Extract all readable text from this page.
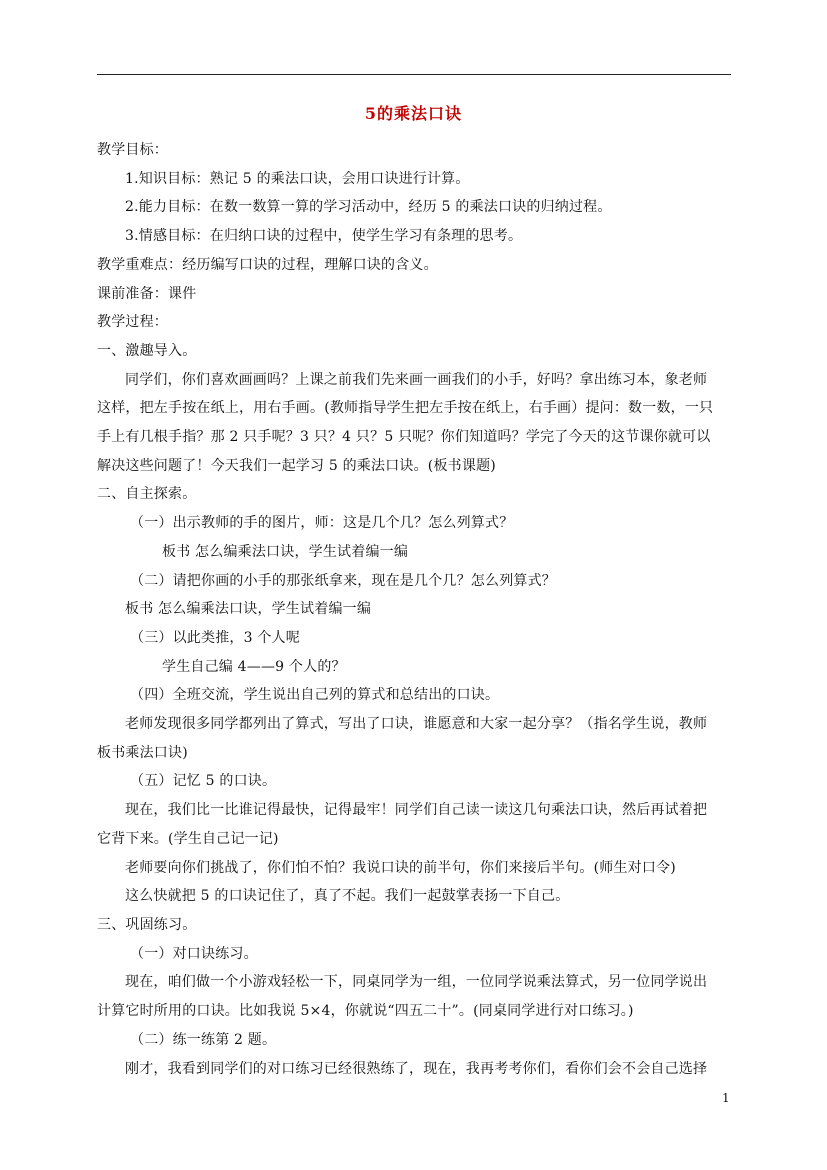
5的乘法口诀
教学目标：
1.知识目标：熟记 5 的乘法口诀，会用口诀进行计算。
2.能力目标：在数一数算一算的学习活动中，经历 5 的乘法口诀的归纳过程。
3.情感目标：在归纳口诀的过程中，使学生学习有条理的思考。
教学重难点：经历编写口诀的过程，理解口诀的含义。
课前准备：课件
教学过程：
一、激趣导入。
同学们，你们喜欢画画吗？上课之前我们先来画一画我们的小手，好吗？拿出练习本，象老师
这样，把左手按在纸上，用右手画。(教师指导学生把左手按在纸上，右手画）提问：数一数，一只
手上有几根手指？那 2 只手呢？3 只？4 只？5 只呢？你们知道吗？学完了今天的这节课你就可以
解决这些问题了！今天我们一起学习 5 的乘法口诀。(板书课题)
二、自主探索。
（一）出示教师的手的图片，师：这是几个几？怎么列算式？
板书 怎么编乘法口诀，学生试着编一编
（二）请把你画的小手的那张纸拿来，现在是几个几？怎么列算式？
板书 怎么编乘法口诀，学生试着编一编
（三）以此类推，3 个人呢
学生自己编 4——9 个人的？
（四）全班交流，学生说出自己列的算式和总结出的口诀。
老师发现很多同学都列出了算式，写出了口诀，谁愿意和大家一起分享？（指名学生说，教师
板书乘法口诀)
（五）记忆 5 的口诀。
现在，我们比一比谁记得最快，记得最牢！同学们自己读一读这几句乘法口诀，然后再试着把
它背下来。(学生自己记一记)
老师要向你们挑战了，你们怕不怕？我说口诀的前半句，你们来接后半句。(师生对口令)
这么快就把 5 的口诀记住了，真了不起。我们一起鼓掌表扬一下自己。
三、巩固练习。
（一）对口诀练习。
现在，咱们做一个小游戏轻松一下，同桌同学为一组，一位同学说乘法算式，另一位同学说出
计算它时所用的口诀。比如我说 5×4，你就说“四五二十”。(同桌同学进行对口练习。)
（二）练一练第 2 题。
刚才，我看到同学们的对口练习已经很熟练了，现在，我再考考你们，看你们会不会自己选择
1
